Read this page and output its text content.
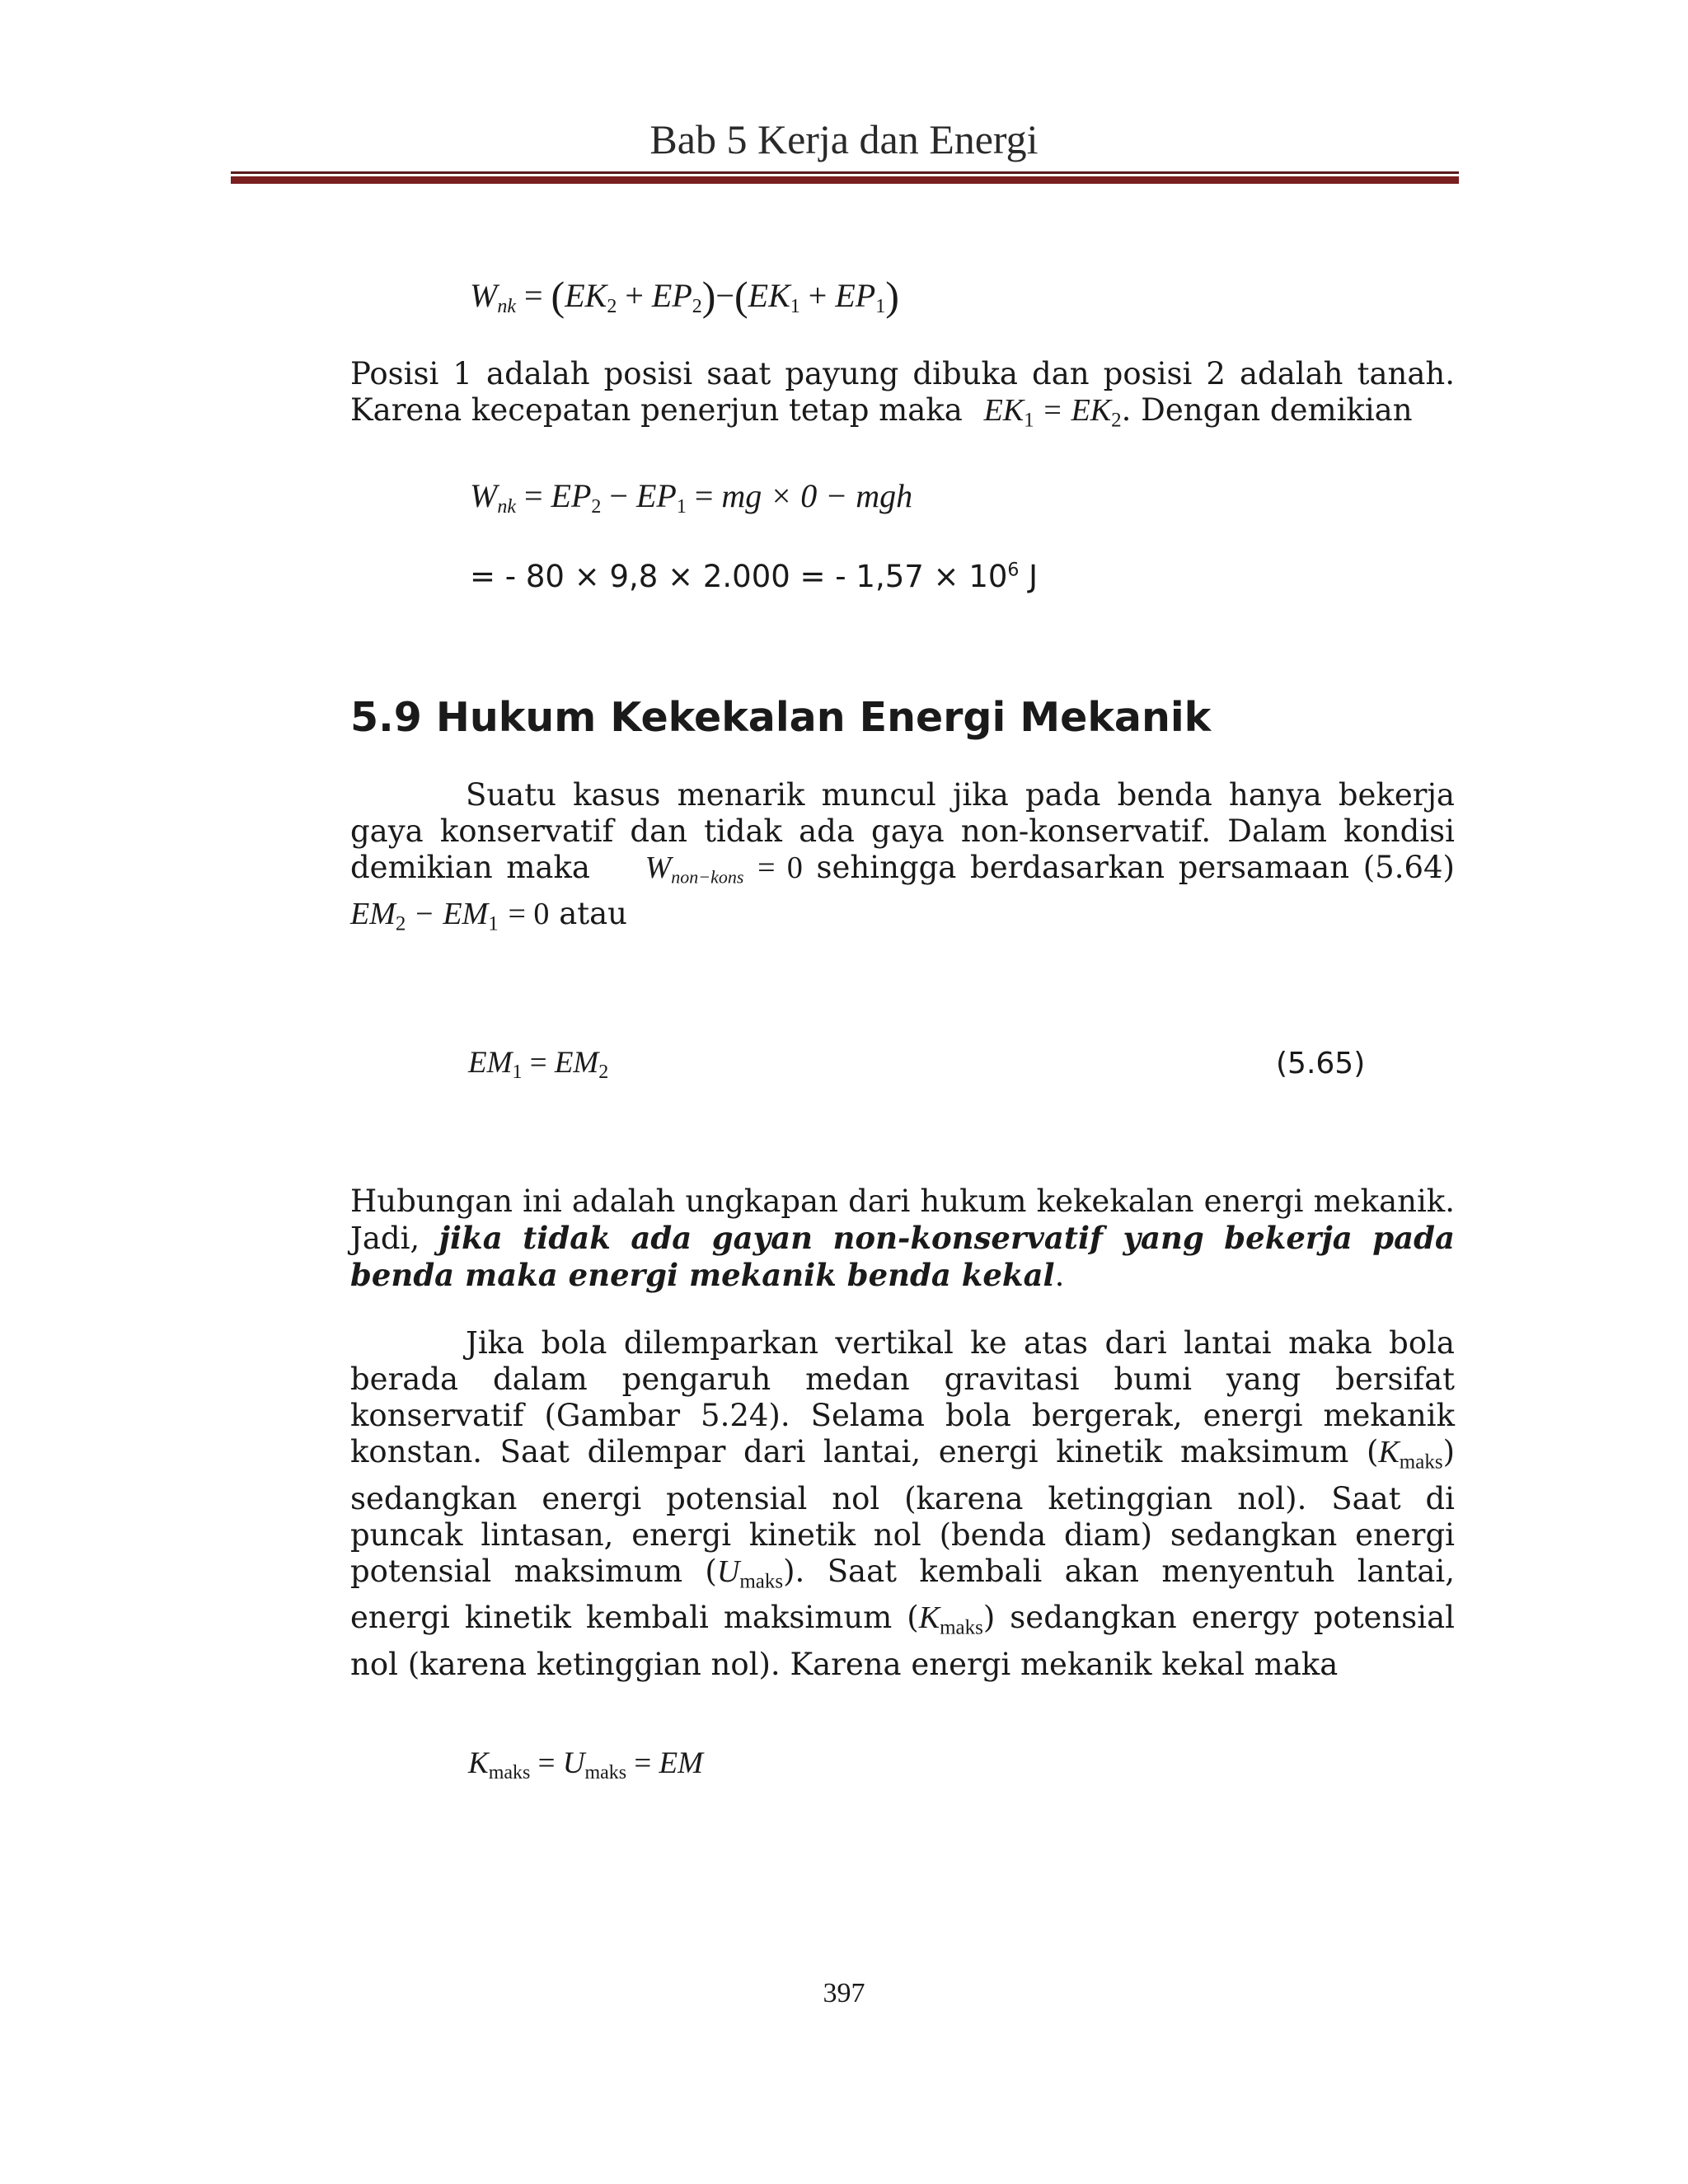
Bab 5 Kerja dan Energi
$W_{nk} = (EK_2 + EP_2)-(EK_1 + EP_1)$
Posisi 1 adalah posisi saat payung dibuka dan posisi 2 adalah tanah.
Karena kecepatan penerjun tetap maka $EK_1 = EK_2$. Dengan demikian
$W_{nk} = EP_2 - EP_1$ = mg × 0 − mgh
= - 80 × 9,8 × 2.000 = - $1,57 \times 10^6$ J
5.9 Hukum Kekekalan Energi Mekanik
Suatu kasus menarik muncul jika pada benda hanya bekerja gaya konservatif dan tidak ada gaya non-konservatif. Dalam kondisi demikian maka Wnon−kons = 0 sehingga berdasarkan persamaan (5.64) $EM_2 - EM_1 = 0$ atau
$EM_1 = EM_2$	(5.65)
Hubungan ini adalah ungkapan dari hukum kekekalan energi mekanik. Jadi, jika tidak ada gayan non-konservatif yang bekerja pada benda maka energi mekanik benda kekal.
Jika bola dilemparkan vertikal ke atas dari lantai maka bola berada dalam pengaruh medan gravitasi bumi yang bersifat konservatif (Gambar 5.24). Selama bola bergerak, energi mekanik konstan. Saat dilempar dari lantai, energi kinetik maksimum $(K_{maks})$ sedangkan energi potensial nol (karena ketinggian nol). Saat di puncak lintasan, energi kinetik nol (benda diam) sedangkan energi potensial maksimum $(U_{maks})$. Saat kembali akan menyentuh lantai, energi kinetik kembali maksimum $(K_{maks})$ sedangkan energy potensial nol (karena ketinggian nol). Karena energi mekanik kekal maka
$K_{maks} = U_{maks}$ = EM
397
